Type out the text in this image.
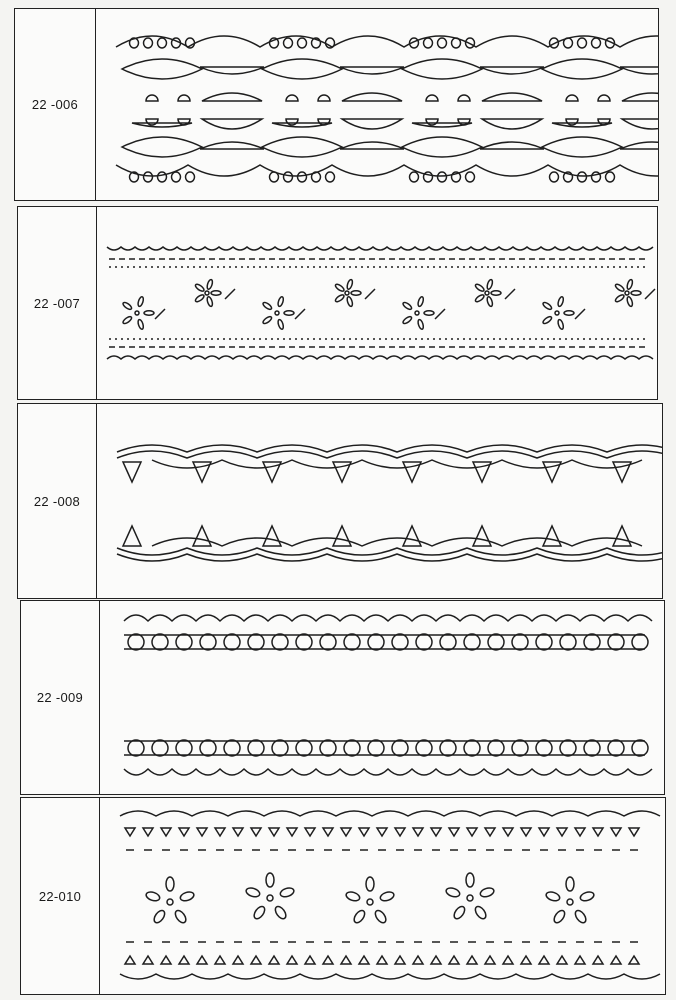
22 -006
22 -007
22 -008
22 -009
22-010
